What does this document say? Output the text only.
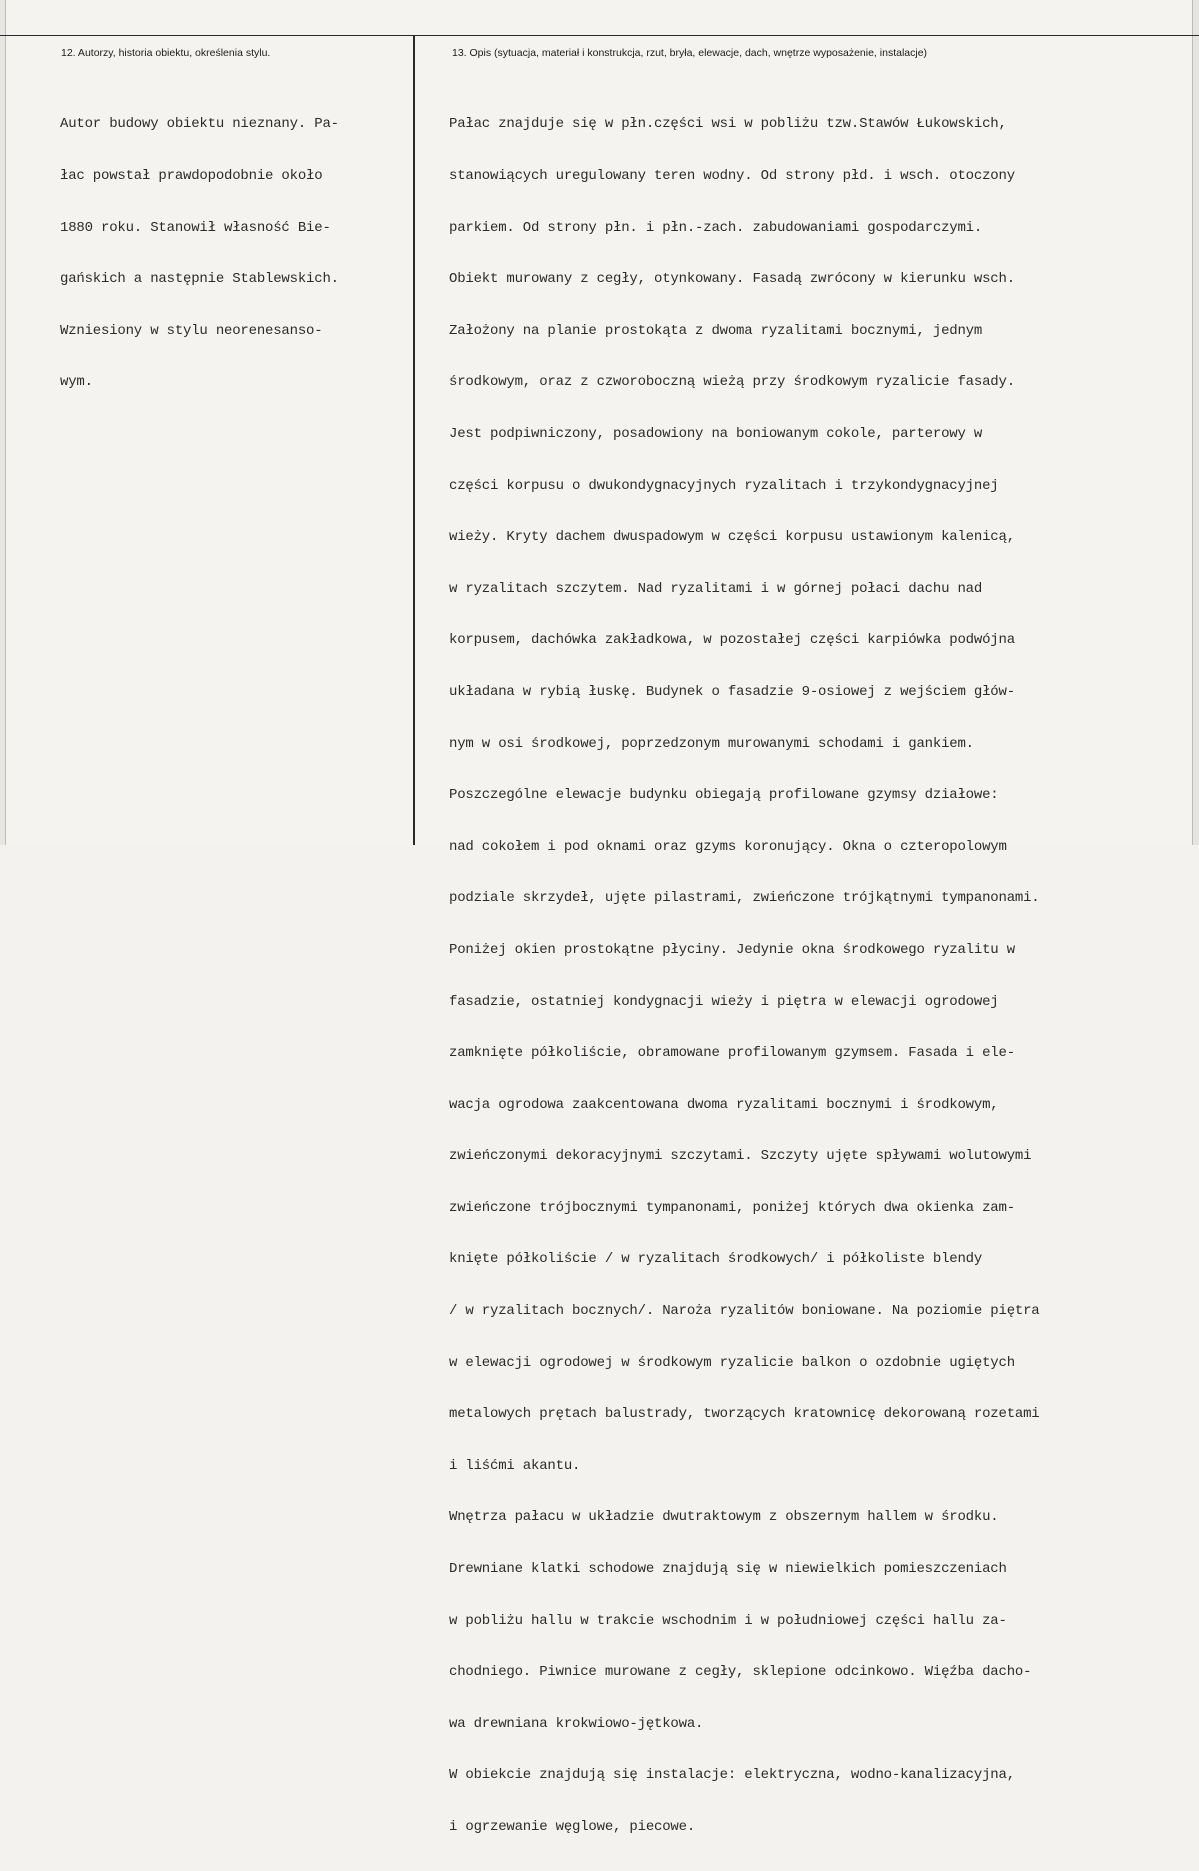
12. Autorzy, historia obiektu, określenia stylu.	13. Opis (sytuacja, materiał i konstrukcja, rzut, bryła, elewacje, dach, wnętrze wyposażenie, instalacje)

Autor budowy obiektu nieznany. Pa-

łac powstał prawdopodobnie około

1880 roku. Stanowił własność Bie-

gańskich a następnie Stablewskich.

Wzniesiony w stylu neorenesanso-

wym.

Pałac znajduje się w płn.części wsi w pobliżu tzw.Stawów Łukowskich,

stanowiących uregulowany teren wodny. Od strony płd. i wsch. otoczony

parkiem. Od strony płn. i płn.-zach. zabudowaniami gospodarczymi.

Obiekt murowany z cegły, otynkowany. Fasadą zwrócony w kierunku wsch.

Założony na planie prostokąta z dwoma ryzalitami bocznymi, jednym

środkowym, oraz z czworoboczną wieżą przy środkowym ryzalicie fasady.

Jest podpiwniczony, posadowiony na boniowanym cokole, parterowy w

części korpusu o dwukondygnacyjnych ryzalitach i trzykondygnacyjnej

wieży. Kryty dachem dwuspadowym w części korpusu ustawionym kalenicą,

w ryzalitach szczytem. Nad ryzalitami i w górnej połaci dachu nad

korpusem, dachówka zakładkowa, w pozostałej części karpiówka podwójna

układana w rybią łuskę. Budynek o fasadzie 9-osiowej z wejściem głów-

nym w osi środkowej, poprzedzonym murowanymi schodami i gankiem.

Poszczególne elewacje budynku obiegają profilowane gzymsy działowe:

nad cokołem i pod oknami oraz gzyms koronujący. Okna o czteropolowym

podziale skrzydeł, ujęte pilastrami, zwieńczone trójkątnymi tympanonami.

Poniżej okien prostokątne płyciny. Jedynie okna środkowego ryzalitu w

fasadzie, ostatniej kondygnacji wieży i piętra w elewacji ogrodowej

zamknięte półkoliście, obramowane profilowanym gzymsem. Fasada i ele-

wacja ogrodowa zaakcentowana dwoma ryzalitami bocznymi i środkowym,

zwieńczonymi dekoracyjnymi szczytami. Szczyty ujęte spływami wolutowymi

zwieńczone trójbocznymi tympanonami, poniżej których dwa okienka zam-

knięte półkoliście / w ryzalitach środkowych/ i półkoliste blendy

/ w ryzalitach bocznych/. Naroża ryzalitów boniowane. Na poziomie piętra

w elewacji ogrodowej w środkowym ryzalicie balkon o ozdobnie ugiętych

metalowych prętach balustrady, tworzących kratownicę dekorowaną rozetami

i liśćmi akantu.

Wnętrza pałacu w układzie dwutraktowym z obszernym hallem w środku.

Drewniane klatki schodowe znajdują się w niewielkich pomieszczeniach

w pobliżu hallu w trakcie wschodnim i w południowej części hallu za-

chodniego. Piwnice murowane z cegły, sklepione odcinkowo. Więźba dacho-

wa drewniana krokwiowo-jętkowa.

W obiekcie znajdują się instalacje: elektryczna, wodno-kanalizacyjna,

i ogrzewanie węglowe, piecowe.
